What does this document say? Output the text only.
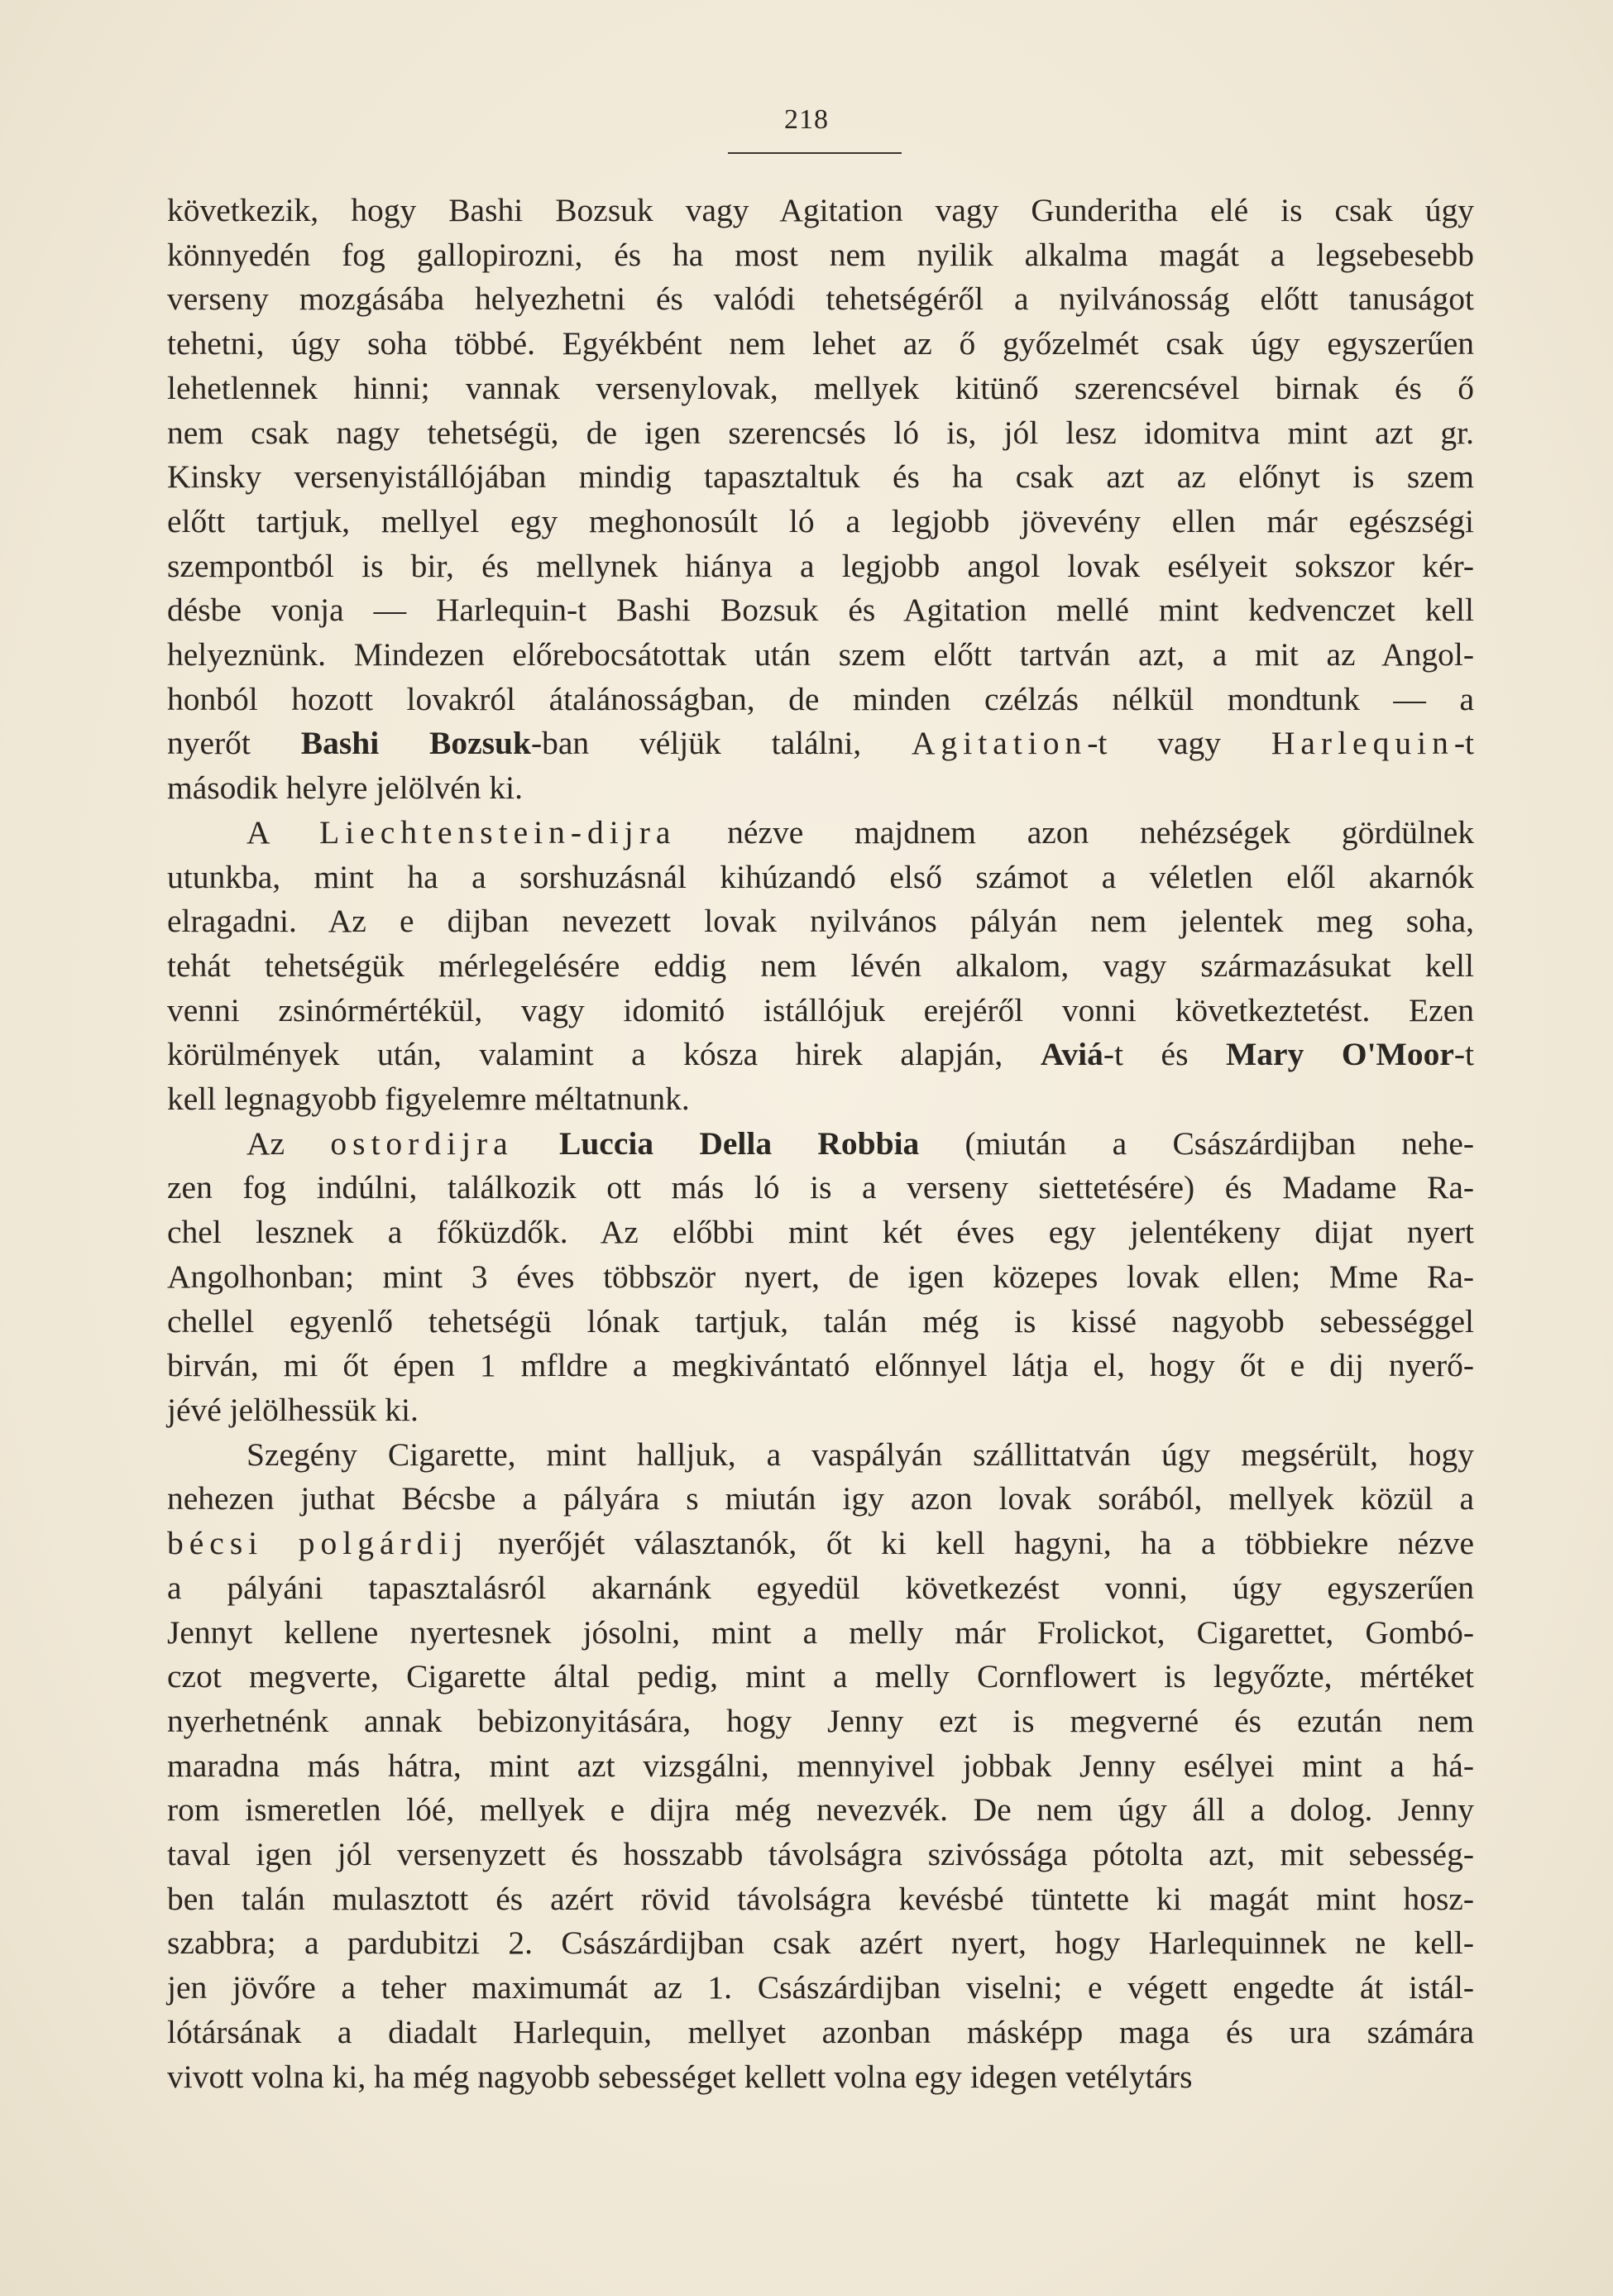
218
következik, hogy Bashi Bozsuk vagy Agitation vagy Gunderitha elé is csak úgy
könnyedén fog gallopirozni, és ha most nem nyilik alkalma magát a legsebesebb
verseny mozgásába helyezhetni és valódi tehetségéről a nyilvánosság előtt tanuságot
tehetni, úgy soha többé. Egyékbént nem lehet az ő győzelmét csak úgy egyszerűen
lehetlennek hinni; vannak versenylovak, mellyek kitünő szerencsével birnak és ő
nem csak nagy tehetségü, de igen szerencsés ló is, jól lesz idomitva mint azt gr.
Kinsky versenyistállójában mindig tapasztaltuk és ha csak azt az előnyt is szem
előtt tartjuk, mellyel egy meghonosúlt ló a legjobb jövevény ellen már egészségi
szempontból is bir, és mellynek hiánya a legjobb angol lovak esélyeit sokszor kér-
désbe vonja — Harlequin-t Bashi Bozsuk és Agitation mellé mint kedvenczet kell
helyeznünk. Mindezen előrebocsátottak után szem előtt tartván azt, a mit az Angol-
honból hozott lovakról átalánosságban, de minden czélzás nélkül mondtunk — a
nyerőt Bashi Bozsuk-ban véljük találni, Agitation-t vagy Harlequin-t
második helyre jelölvén ki.
A Liechtenstein-dijra nézve majdnem azon nehézségek gördülnek
utunkba, mint ha a sorshuzásnál kihúzandó első számot a véletlen elől akarnók
elragadni. Az e dijban nevezett lovak nyilvános pályán nem jelentek meg soha,
tehát tehetségük mérlegelésére eddig nem lévén alkalom, vagy származásukat kell
venni zsinórmértékül, vagy idomitó istállójuk erejéről vonni következtetést. Ezen
körülmények után, valamint a kósza hirek alapján, Aviá-t és Mary O'Moor-t
kell legnagyobb figyelemre méltatnunk.
Az ostordijra Luccia Della Robbia (miután a Császárdijban nehe-
zen fog indúlni, találkozik ott más ló is a verseny siettetésére) és Madame Ra-
chel lesznek a főküzdők. Az előbbi mint két éves egy jelentékeny dijat nyert
Angolhonban; mint 3 éves többször nyert, de igen közepes lovak ellen; Mme Ra-
chellel egyenlő tehetségü lónak tartjuk, talán még is kissé nagyobb sebességgel
birván, mi őt épen 1 mfldre a megkivántató előnnyel látja el, hogy őt e dij nyerő-
jévé jelölhessük ki.
Szegény Cigarette, mint halljuk, a vaspályán szállittatván úgy megsérült, hogy
nehezen juthat Bécsbe a pályára s miután igy azon lovak sorából, mellyek közül a
bécsi polgárdij nyerőjét választanók, őt ki kell hagyni, ha a többiekre nézve
a pályáni tapasztalásról akarnánk egyedül következést vonni, úgy egyszerűen
Jennyt kellene nyertesnek jósolni, mint a melly már Frolickot, Cigarettet, Gombó-
czot megverte, Cigarette által pedig, mint a melly Cornflowert is legyőzte, mértéket
nyerhetnénk annak bebizonyitására, hogy Jenny ezt is megverné és ezután nem
maradna más hátra, mint azt vizsgálni, mennyivel jobbak Jenny esélyei mint a há-
rom ismeretlen lóé, mellyek e dijra még nevezvék. De nem úgy áll a dolog. Jenny
taval igen jól versenyzett és hosszabb távolságra szivóssága pótolta azt, mit sebesség-
ben talán mulasztott és azért rövid távolságra kevésbé tüntette ki magát mint hosz-
szabbra; a pardubitzi 2. Császárdijban csak azért nyert, hogy Harlequinnek ne kell-
jen jövőre a teher maximumát az 1. Császárdijban viselni; e végett engedte át istál-
lótársának a diadalt Harlequin, mellyet azonban másképp maga és ura számára
vivott volna ki, ha még nagyobb sebességet kellett volna egy idegen vetélytárs
